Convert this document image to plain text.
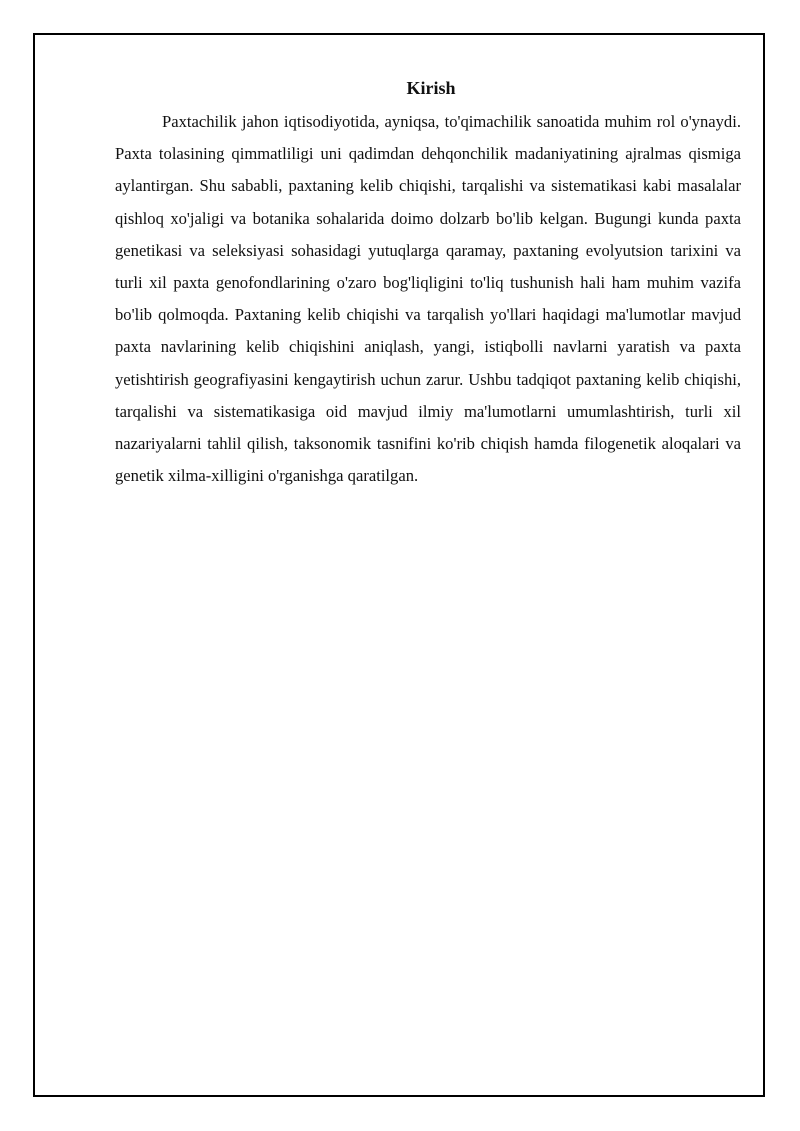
Kirish

Paxtachilik jahon iqtisodiyotida, ayniqsa, to'qimachilik sanoatida muhim rol o'ynaydi. Paxta tolasining qimmatliligi uni qadimdan dehqonchilik madaniyatining ajralmas qismiga aylantirgan. Shu sababli, paxtaning kelib chiqishi, tarqalishi va sistematikasi kabi masalalar qishloq xo'jaligi va botanika sohalarida doimo dolzarb bo'lib kelgan. Bugungi kunda paxta genetikasi va seleksiyasi sohasidagi yutuqlarga qaramay, paxtaning evolyutsion tarixini va turli xil paxta genofondlarining o'zaro bog'liqligini to'liq tushunish hali ham muhim vazifa bo'lib qolmoqda. Paxtaning kelib chiqishi va tarqalish yo'llari haqidagi ma'lumotlar mavjud paxta navlarining kelib chiqishini aniqlash, yangi, istiqbolli navlarni yaratish va paxta yetishtirish geografiyasini kengaytirish uchun zarur. Ushbu tadqiqot paxtaning kelib chiqishi, tarqalishi va sistematikasiga oid mavjud ilmiy ma'lumotlarni umumlashtirish, turli xil nazariyalarni tahlil qilish, taksonomik tasnifini ko'rib chiqish hamda filogenetik aloqalari va genetik xilma-xilligini o'rganishga qaratilgan.
